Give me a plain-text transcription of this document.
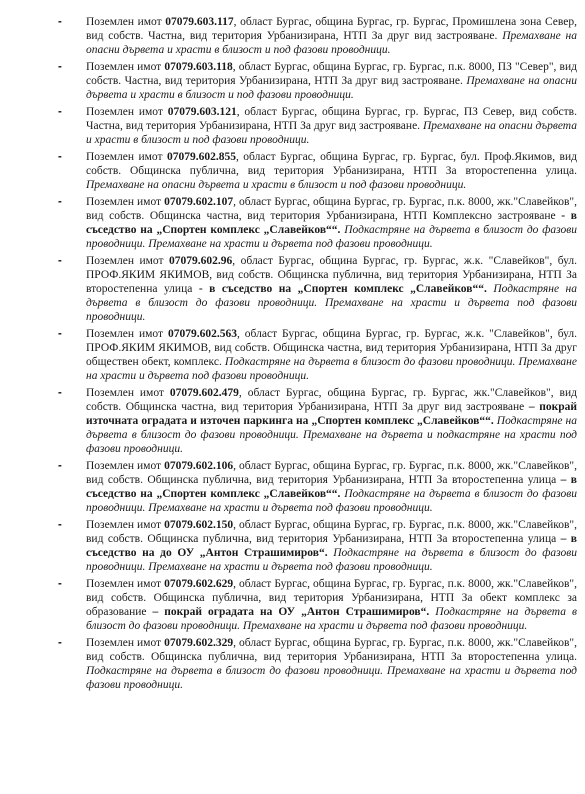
- Поземлен имот 07079.603.117, област Бургас, община Бургас, гр. Бургас, Промишлена зона Север, вид собств. Частна, вид територия Урбанизирана, НТП За друг вид застрояване. Премахване на опасни дървета и храсти в близост и под фазови проводници.
- Поземлен имот 07079.603.118, област Бургас, община Бургас, гр. Бургас, п.к. 8000, ПЗ "Север", вид собств. Частна, вид територия Урбанизирана, НТП За друг вид застрояване. Премахване на опасни дървета и храсти в близост и под фазови проводници.
- Поземлен имот 07079.603.121, област Бургас, община Бургас, гр. Бургас, ПЗ Север, вид собств. Частна, вид територия Урбанизирана, НТП За друг вид застрояване. Премахване на опасни дървета и храсти в близост и под фазови проводници.
- Поземлен имот 07079.602.855, област Бургас, община Бургас, гр. Бургас, бул. Проф.Якимов, вид собств. Общинска публична, вид територия Урбанизирана, НТП За второстепенна улица. Премахване на опасни дървета и храсти в близост и под фазови проводници.
- Поземлен имот 07079.602.107, област Бургас, община Бургас, гр. Бургас, п.к. 8000, жк."Славейков", вид собств. Общинска частна, вид територия Урбанизирана, НТП Комплексно застрояване - в съседство на „Спортен комплекс „Славейков““. Подкастряне на дървета в близост до фазови проводници. Премахване на храсти и дървета под фазови проводници.
- Поземлен имот 07079.602.96, област Бургас, община Бургас, гр. Бургас, ж.к. "Славейков", бул. ПРОФ.ЯКИМ ЯКИМОВ, вид собств. Общинска публична, вид територия Урбанизирана, НТП За второстепенна улица - в съседство на „Спортен комплекс „Славейков““. Подкастряне на дървета в близост до фазови проводници. Премахване на храсти и дървета под фазови проводници.
- Поземлен имот 07079.602.563, област Бургас, община Бургас, гр. Бургас, ж.к. "Славейков", бул. ПРОФ.ЯКИМ ЯКИМОВ, вид собств. Общинска частна, вид територия Урбанизирана, НТП За друг обществен обект, комплекс. Подкастряне на дървета в близост до фазови проводници. Премахване на храсти и дървета под фазови проводници.
- Поземлен имот 07079.602.479, област Бургас, община Бургас, гр. Бургас, жк."Славейков", вид собств. Общинска частна, вид територия Урбанизирана, НТП За друг вид застрояване – покрай източната оградата и източен паркинга на „Спортен комплекс „Славейков““. Подкастряне на дървета в близост до фазови проводници. Премахване на дървета и подкастряне на храсти под фазови проводници.
- Поземлен имот 07079.602.106, област Бургас, община Бургас, гр. Бургас, п.к. 8000, жк."Славейков", вид собств. Общинска публична, вид територия Урбанизирана, НТП За второстепенна улица – в съседство на „Спортен комплекс „Славейков““. Подкастряне на дървета в близост до фазови проводници. Премахване на храсти и дървета под фазови проводници.
- Поземлен имот 07079.602.150, област Бургас, община Бургас, гр. Бургас, п.к. 8000, жк."Славейков", вид собств. Общинска публична, вид територия Урбанизирана, НТП За второстепенна улица – в съседство на до ОУ „Антон Страшимиров“. Подкастряне на дървета в близост до фазови проводници. Премахване на храсти и дървета под фазови проводници.
- Поземлен имот 07079.602.629, област Бургас, община Бургас, гр. Бургас, п.к. 8000, жк."Славейков", вид собств. Общинска публична, вид територия Урбанизирана, НТП За обект комплекс за образование – покрай оградата на ОУ „Антон Страшимиров“. Подкастряне на дървета в близост до фазови проводници. Премахване на храсти и дървета под фазови проводници.
- Поземлен имот 07079.602.329, област Бургас, община Бургас, гр. Бургас, п.к. 8000, жк."Славейков", вид собств. Общинска публична, вид територия Урбанизирана, НТП За второстепенна улица. Подкастряне на дървета в близост до фазови проводници. Премахване на храсти и дървета под фазови проводници.
